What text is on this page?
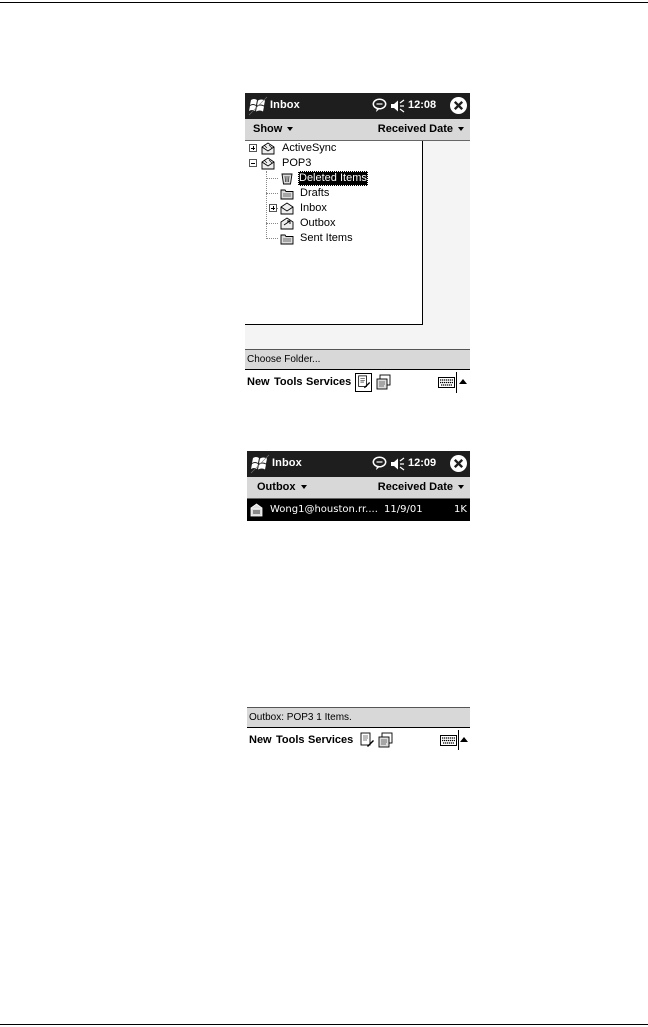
Inbox	12:08
Show	Received Date
ActiveSync
POP3
Deleted Items
Drafts
Inbox
Outbox
Sent Items
Choose Folder...
New Tools Services
Inbox	12:09
Outbox	Received Date
Wong1@houston.rr.... 11/9/01	1K
Outbox: POP3 1 Items.
New Tools Services
